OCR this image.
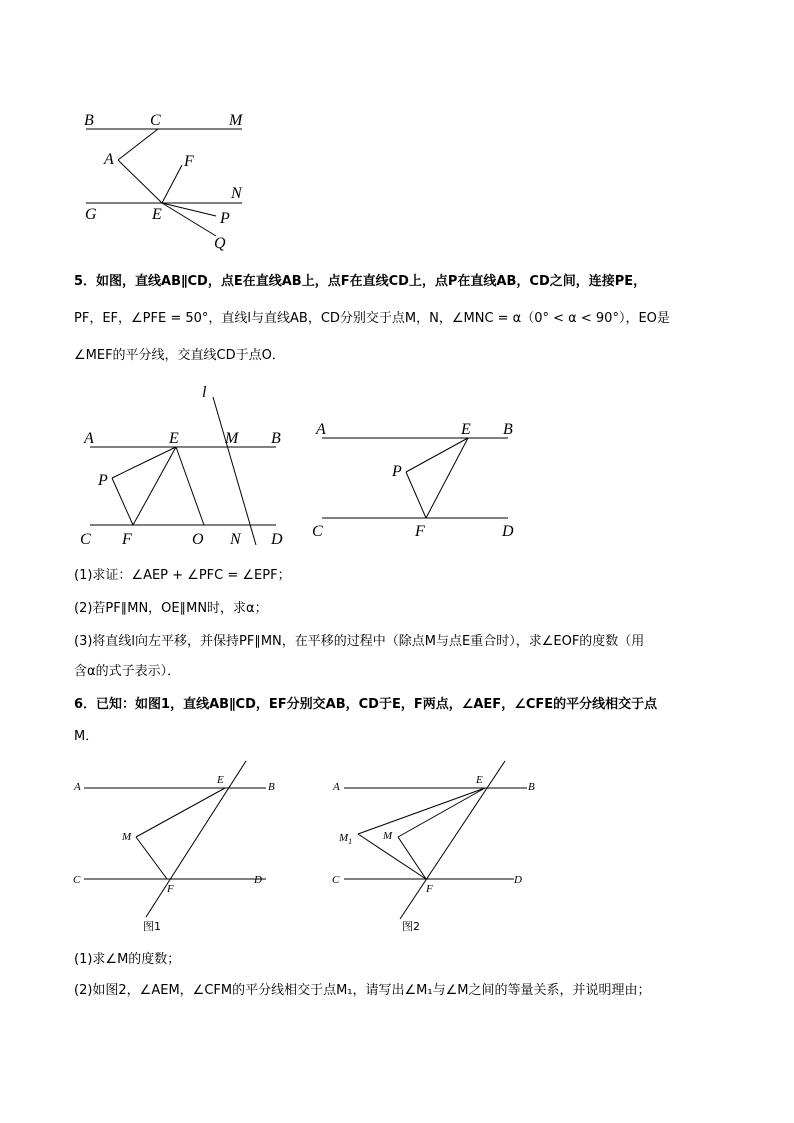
B	C	M
A	F
N
G	E	P
Q
5．如图，直线AB∥CD，点E在直线AB上，点F在直线CD上，点P在直线AB，CD之间，连接PE，
PF，EF，∠PFE = 50°，直线l与直线AB，CD分别交于点M，N，∠MNC = α（0° < α < 90°），EO是
∠MEF的平分线，交直线CD于点O．
l
A	E	M B
P
C F	O N D
A	E B
P
C	F	D
(1)求证：∠AEP + ∠PFC = ∠EPF；
(2)若PF∥MN，OE∥MN时，求α；
(3)将直线l向左平移，并保持PF∥MN，在平移的过程中（除点M与点E重合时），求∠EOF的度数（用
含α的式子表示）．
6．已知：如图1，直线AB∥CD，EF分别交AB，CD于E，F两点，∠AEF，∠CFE的平分线相交于点
M．
A
E
B
M
C
F
D
图1
A
E
B
$M_1$	M
C
F
D
图2
(1)求∠M的度数；
(2)如图2，∠AEM，∠CFM的平分线相交于点M₁，请写出∠M₁与∠M之间的等量关系，并说明理由；
